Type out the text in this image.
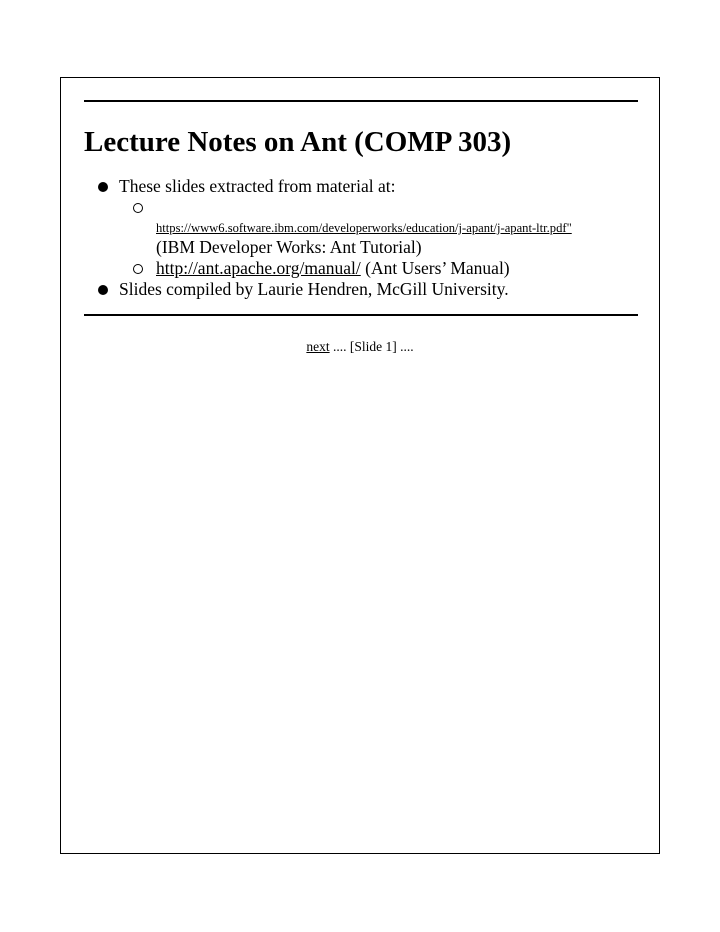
Lecture Notes on Ant (COMP 303)
These slides extracted from material at:
https://www6.software.ibm.com/developerworks/education/j-apant/j-apant-ltr.pdf"
(IBM Developer Works: Ant Tutorial)
http://ant.apache.org/manual/ (Ant Users’ Manual)
Slides compiled by Laurie Hendren, McGill University.
next .... [Slide 1] ....
